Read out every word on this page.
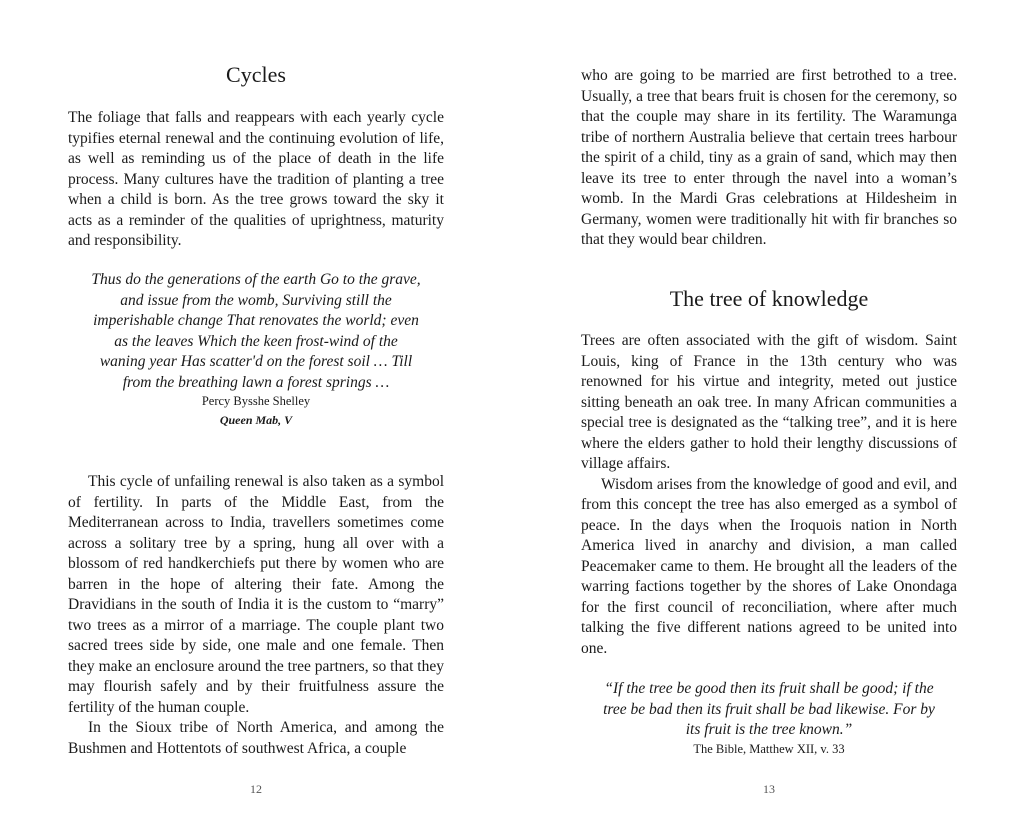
Cycles

The foliage that falls and reappears with each yearly cycle typifies eternal renewal and the continuing evolution of life, as well as reminding us of the place of death in the life process. Many cultures have the tradition of planting a tree when a child is born. As the tree grows toward the sky it acts as a reminder of the qualities of uprightness, maturity and responsibility.

Thus do the generations of the earth Go to the grave, and issue from the womb, Surviving still the imperishable change That renovates the world; even as the leaves Which the keen frost-wind of the waning year Has scatter'd on the forest soil … Till from the breathing lawn a forest springs …
Percy Bysshe Shelley
Queen Mab, V

This cycle of unfailing renewal is also taken as a symbol of fertility. In parts of the Middle East, from the Mediterranean across to India, travellers sometimes come across a solitary tree by a spring, hung all over with a blossom of red handkerchiefs put there by women who are barren in the hope of altering their fate. Among the Dravidians in the south of India it is the custom to “marry” two trees as a mirror of a marriage. The couple plant two sacred trees side by side, one male and one female. Then they make an enclosure around the tree partners, so that they may flourish safely and by their fruitfulness assure the fertility of the human couple.

In the Sioux tribe of North America, and among the Bushmen and Hottentots of southwest Africa, a couple

12

who are going to be married are first betrothed to a tree. Usually, a tree that bears fruit is chosen for the ceremony, so that the couple may share in its fertility. The Waramunga tribe of northern Australia believe that certain trees harbour the spirit of a child, tiny as a grain of sand, which may then leave its tree to enter through the navel into a woman’s womb. In the Mardi Gras celebrations at Hildesheim in Germany, women were traditionally hit with fir branches so that they would bear children.

The tree of knowledge

Trees are often associated with the gift of wisdom. Saint Louis, king of France in the 13th century who was renowned for his virtue and integrity, meted out justice sitting beneath an oak tree. In many African communities a special tree is designated as the “talking tree”, and it is here where the elders gather to hold their lengthy discussions of village affairs.

Wisdom arises from the knowledge of good and evil, and from this concept the tree has also emerged as a symbol of peace. In the days when the Iroquois nation in North America lived in anarchy and division, a man called Peacemaker came to them. He brought all the leaders of the warring factions together by the shores of Lake Onondaga for the first council of reconciliation, where after much talking the five different nations agreed to be united into one.

“If the tree be good then its fruit shall be good; if the tree be bad then its fruit shall be bad likewise. For by its fruit is the tree known.”
The Bible, Matthew XII, v. 33
13
